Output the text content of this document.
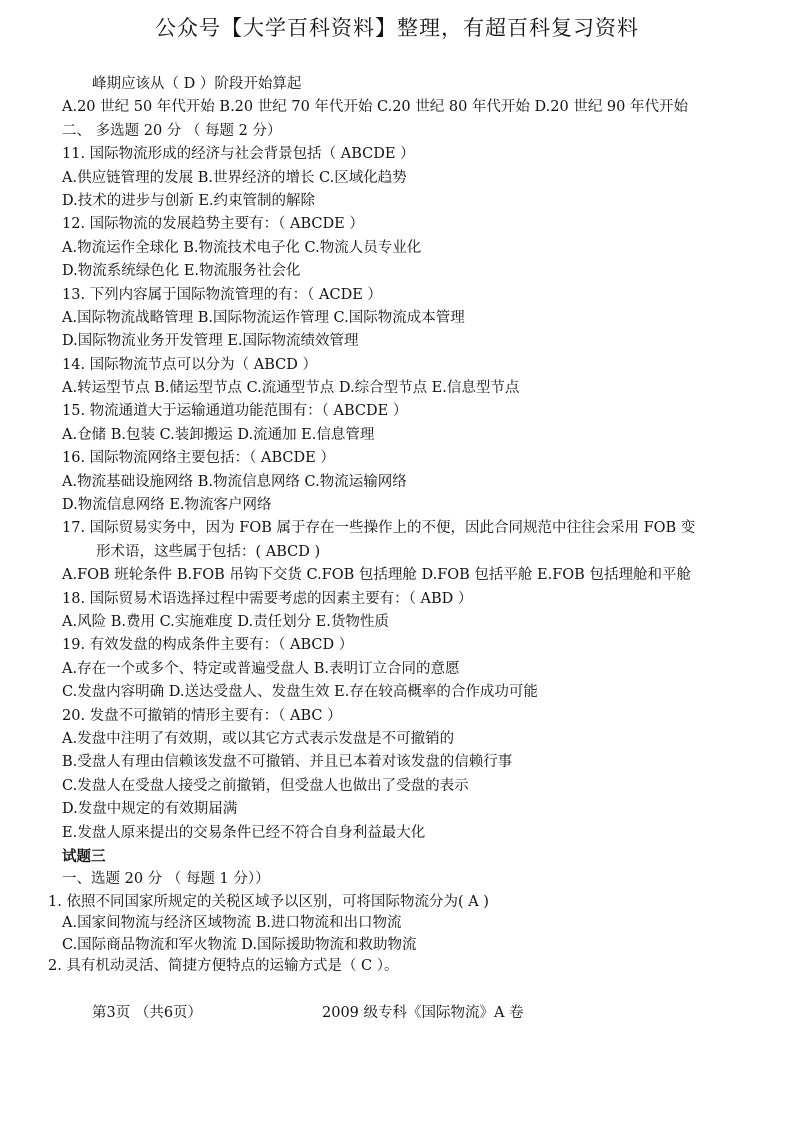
公众号【大学百科资料】整理，有超百科复习资料
峰期应该从（ D ）阶段开始算起
A.20 世纪 50 年代开始 B.20 世纪 70 年代开始 C.20 世纪 80 年代开始 D.20 世纪 90 年代开始
二、 多选题 20 分 （ 每题 2 分）
11. 国际物流形成的经济与社会背景包括（ ABCDE ）
A.供应链管理的发展 B.世界经济的增长 C.区域化趋势
D.技术的进步与创新 E.约束管制的解除
12. 国际物流的发展趋势主要有：（ ABCDE ）
A.物流运作全球化 B.物流技术电子化 C.物流人员专业化
D.物流系统绿色化 E.物流服务社会化
13. 下列内容属于国际物流管理的有：（ ACDE ）
A.国际物流战略管理 B.国际物流运作管理 C.国际物流成本管理
D.国际物流业务开发管理 E.国际物流绩效管理
14. 国际物流节点可以分为（ ABCD ）
A.转运型节点 B.储运型节点 C.流通型节点 D.综合型节点 E.信息型节点
15. 物流通道大于运输通道功能范围有：（ ABCDE ）
A.仓储 B.包装 C.装卸搬运 D.流通加 E.信息管理
16. 国际物流网络主要包括：（ ABCDE ）
A.物流基础设施网络 B.物流信息网络 C.物流运输网络
D.物流信息网络 E.物流客户网络
17. 国际贸易实务中，因为 FOB 属于存在一些操作上的不便，因此合同规范中往往会采用 FOB 变
形术语，这些属于包括：( ABCD )
A.FOB 班轮条件 B.FOB 吊钩下交货 C.FOB 包括理舱 D.FOB 包括平舱 E.FOB 包括理舱和平舱
18. 国际贸易术语选择过程中需要考虑的因素主要有：（ ABD ）
A.风险 B.费用 C.实施难度 D.责任划分 E.货物性质
19. 有效发盘的构成条件主要有：（ ABCD ）
A.存在一个或多个、特定或普遍受盘人 B.表明订立合同的意愿
C.发盘内容明确 D.送达受盘人、发盘生效 E.存在较高概率的合作成功可能
20. 发盘不可撤销的情形主要有：（ ABC ）
A.发盘中注明了有效期，或以其它方式表示发盘是不可撤销的
B.受盘人有理由信赖该发盘不可撤销、并且已本着对该发盘的信赖行事
C.发盘人在受盘人接受之前撤销，但受盘人也做出了受盘的表示
D.发盘中规定的有效期届满
E.发盘人原来提出的交易条件已经不符合自身利益最大化
试题三
一、选题 20 分 （ 每题 1 分））
1. 依照不同国家所规定的关税区域予以区别，可将国际物流分为( A )
A.国家间物流与经济区域物流 B.进口物流和出口物流
C.国际商品物流和军火物流 D.国际援助物流和救助物流
2. 具有机动灵活、简捷方便特点的运输方式是（ C ）。
第3页 （共6页）	2009 级专科《国际物流》A 卷
